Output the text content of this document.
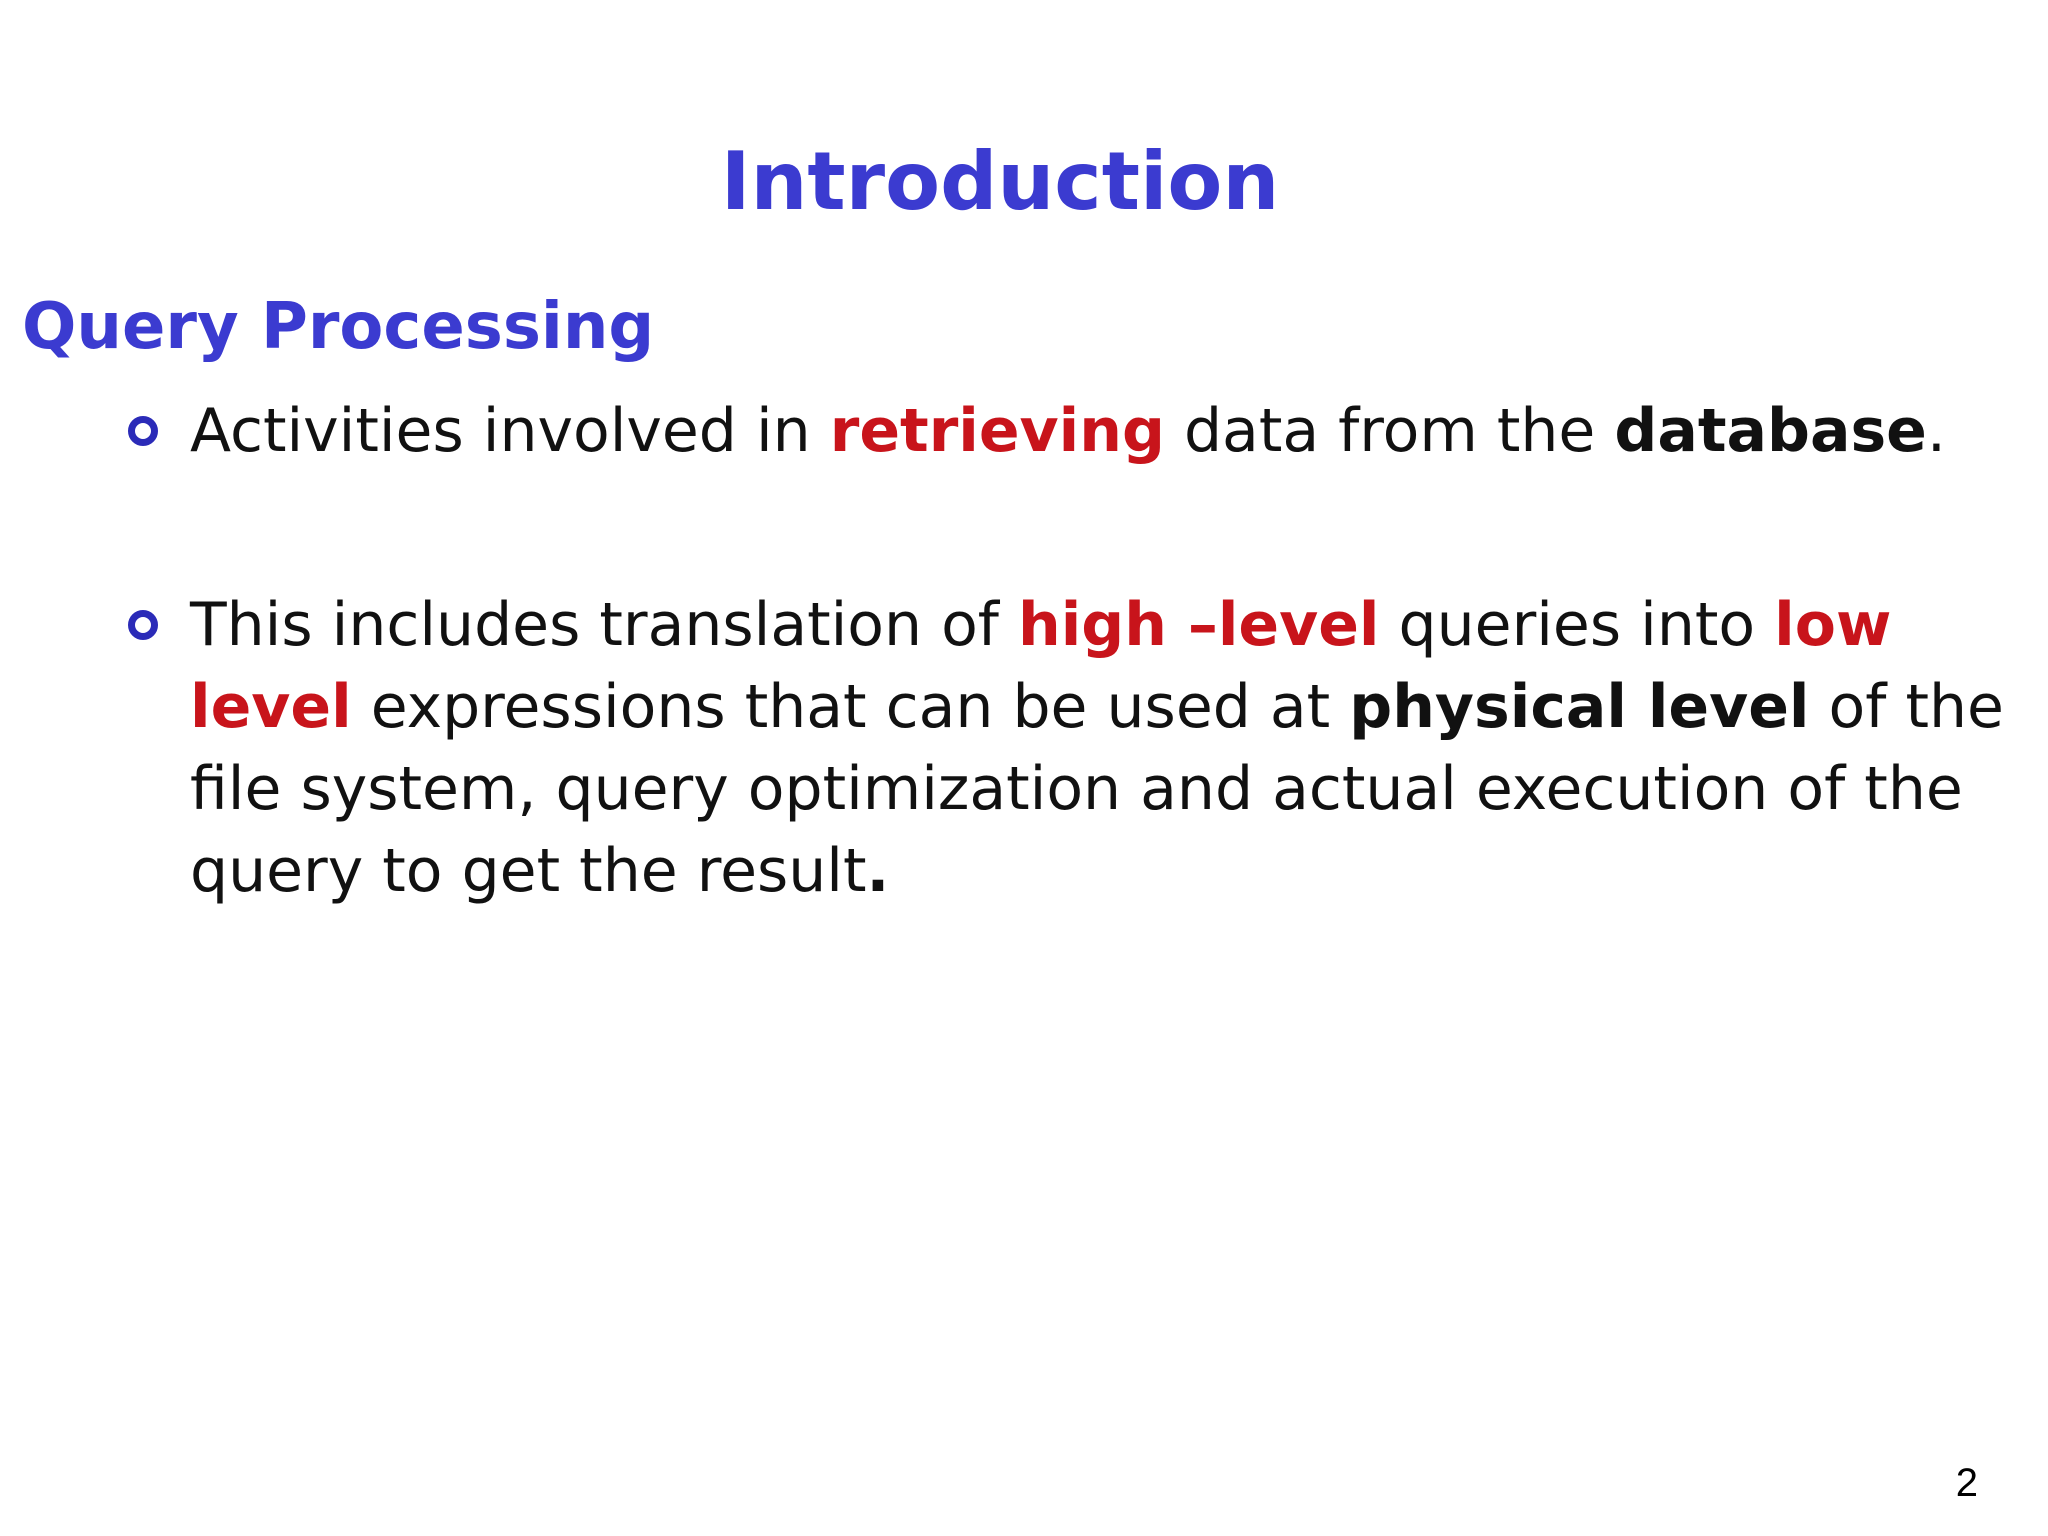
Introduction
Query Processing
Activities involved in retrieving data from the database.
This includes translation of high –level queries into low level expressions that can be used at physical level of the file system, query optimization and actual execution of the query to get the result.
2
